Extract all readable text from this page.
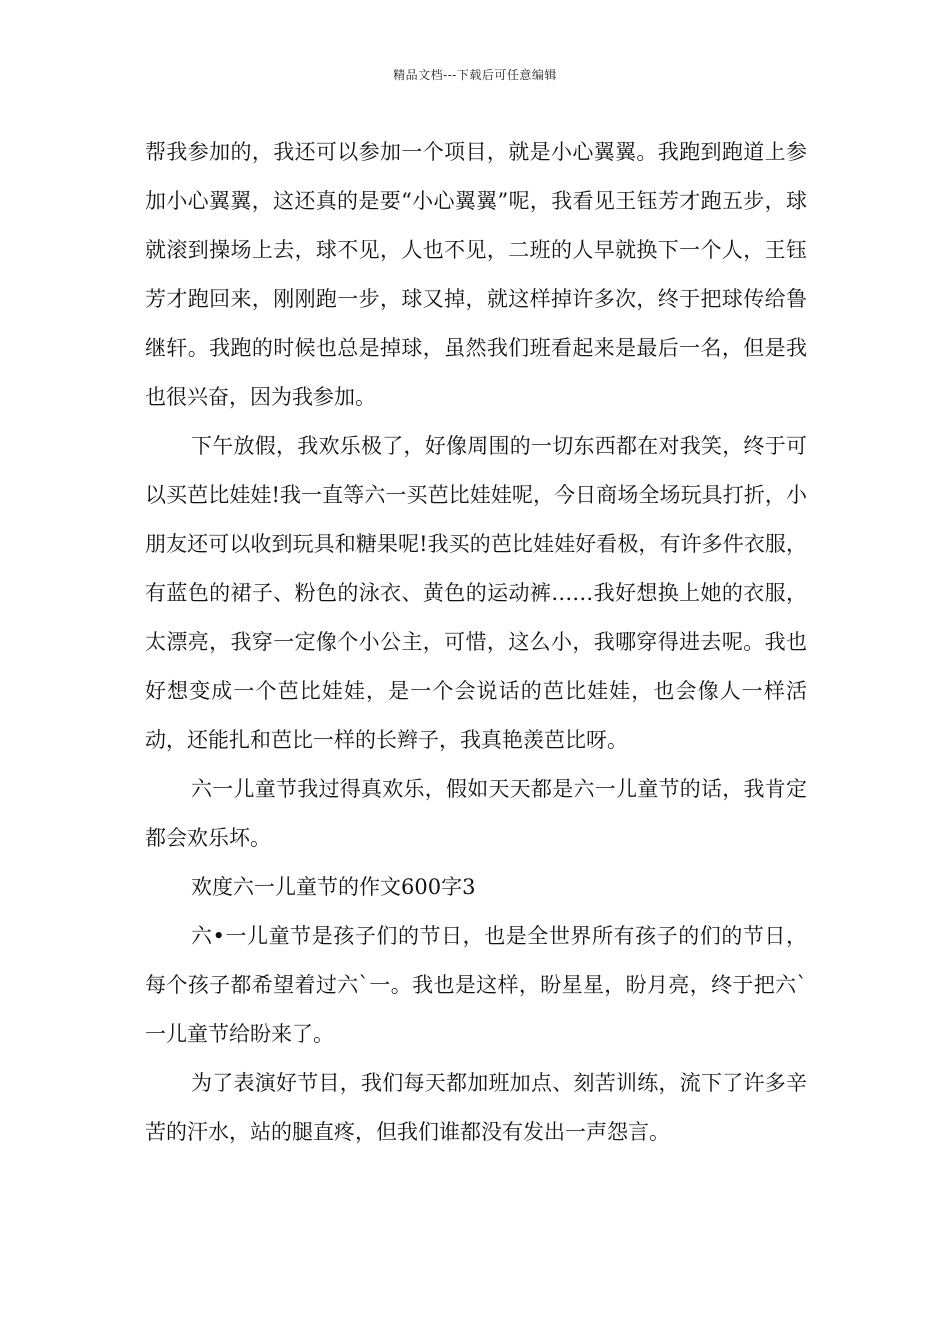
精品文档---下载后可任意编辑

帮我参加的，我还可以参加一个项目，就是小心翼翼。我跑到跑道上参加小心翼翼，这还真的是要“小心翼翼”呢，我看见王钰芳才跑五步，球就滚到操场上去，球不见，人也不见，二班的人早就换下一个人，王钰芳才跑回来，刚刚跑一步，球又掉，就这样掉许多次，终于把球传给鲁继轩。我跑的时候也总是掉球，虽然我们班看起来是最后一名，但是我也很兴奋，因为我参加。

下午放假，我欢乐极了，好像周围的一切东西都在对我笑，终于可以买芭比娃娃!我一直等六一买芭比娃娃呢，今日商场全场玩具打折，小朋友还可以收到玩具和糖果呢!我买的芭比娃娃好看极，有许多件衣服，有蓝色的裙子、粉色的泳衣、黄色的运动裤……我好想换上她的衣服，太漂亮，我穿一定像个小公主，可惜，这么小，我哪穿得进去呢。我也好想变成一个芭比娃娃，是一个会说话的芭比娃娃，也会像人一样活动，还能扎和芭比一样的长辫子，我真艳羡芭比呀。

六一儿童节我过得真欢乐，假如天天都是六一儿童节的话，我肯定都会欢乐坏。

欢度六一儿童节的作文600字3

六•一儿童节是孩子们的节日，也是全世界所有孩子的们的节日，每个孩子都希望着过六`一。我也是这样，盼星星，盼月亮，终于把六`一儿童节给盼来了。

为了表演好节目，我们每天都加班加点、刻苦训练，流下了许多辛苦的汗水，站的腿直疼，但我们谁都没有发出一声怨言。
